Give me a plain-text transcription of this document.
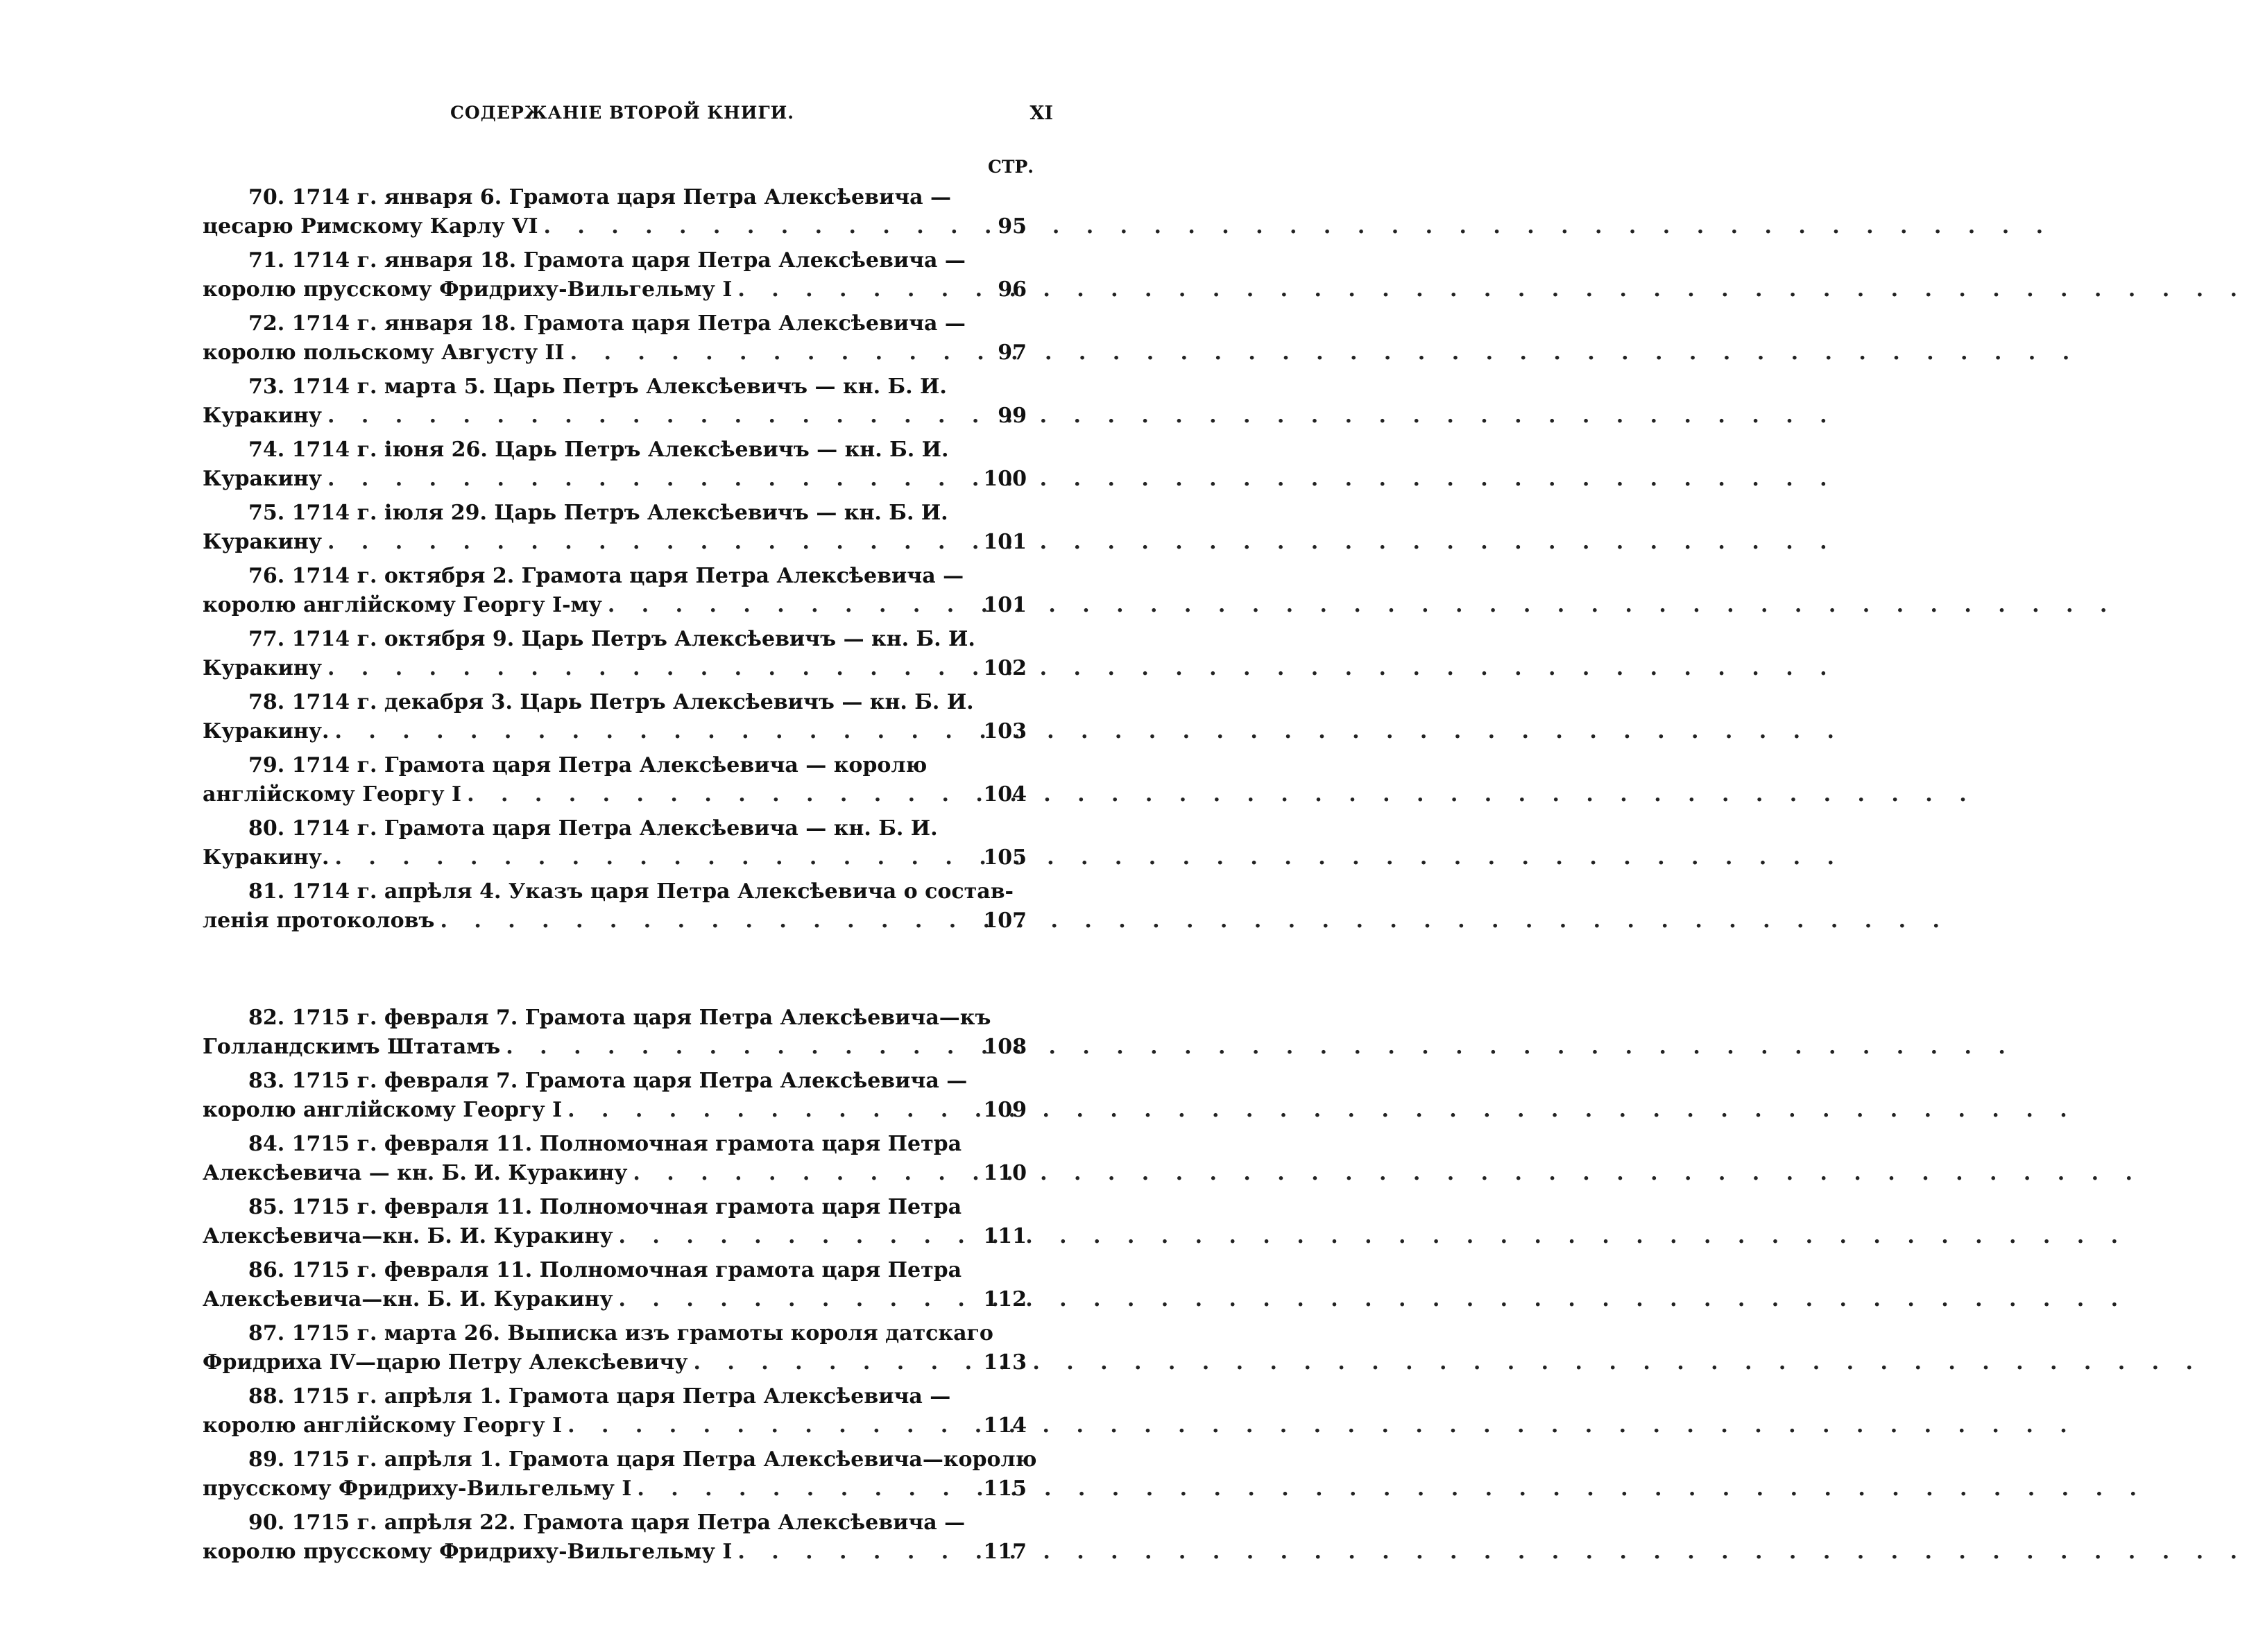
СОДЕРЖАНІЕ ВТОРОЙ КНИГИ.	XI
СТР.
70. 1714 г. января 6. Грамота царя Петра Алексѣевича —
цесарю Римскому Карлу VI . . .	95
71. 1714 г. января 18. Грамота царя Петра Алексѣевича —
королю прусскому Фридриху-Вильгельму I . . .	96
72. 1714 г. января 18. Грамота царя Петра Алексѣевича —
королю польскому Августу II . . .	97
73. 1714 г. марта 5. Царь Петръ Алексѣевичъ — кн. Б. И.
Куракину . . .	99
74. 1714 г. іюня 26. Царь Петръ Алексѣевичъ — кн. Б. И.
Куракину . . .	100
75. 1714 г. іюля 29. Царь Петръ Алексѣевичъ — кн. Б. И.
Куракину . . .	101
76. 1714 г. октября 2. Грамота царя Петра Алексѣевича —
королю англійскому Георгу I-му . . .	101
77. 1714 г. октября 9. Царь Петръ Алексѣевичъ — кн. Б. И.
Куракину . . .	102
78. 1714 г. декабря 3. Царь Петръ Алексѣевичъ — кн. Б. И.
Куракину. . . .	103
79. 1714 г. Грамота царя Петра Алексѣевича — королю
англійскому Георгу I . . .	104
80. 1714 г. Грамота царя Петра Алексѣевича — кн. Б. И.
Куракину. . . .	105
81. 1714 г. апрѣля 4. Указъ царя Петра Алексѣевича о состав-
ленія протоколовъ . . .	107
82. 1715 г. февраля 7. Грамота царя Петра Алексѣевича—къ
Голландскимъ Штатамъ . . .	108
83. 1715 г. февраля 7. Грамота царя Петра Алексѣевича —
королю англійскому Георгу I . . .	109
84. 1715 г. февраля 11. Полномочная грамота царя Петра
Алексѣевича — кн. Б. И. Куракину . . .	110
85. 1715 г. февраля 11. Полномочная грамота царя Петра
Алексѣевича—кн. Б. И. Куракину . . .	111
86. 1715 г. февраля 11. Полномочная грамота царя Петра
Алексѣевича—кн. Б. И. Куракину . . .	112
87. 1715 г. марта 26. Выписка изъ грамоты короля датскаго
Фридриха IV—царю Петру Алексѣевичу . . .	113
88. 1715 г. апрѣля 1. Грамота царя Петра Алексѣевича —
королю англійскому Георгу I . . .	114
89. 1715 г. апрѣля 1. Грамота царя Петра Алексѣевича—королю
прусскому Фридриху-Вильгельму I . . .	115
90. 1715 г. апрѣля 22. Грамота царя Петра Алексѣевича —
королю прусскому Фридриху-Вильгельму I . . .	117
